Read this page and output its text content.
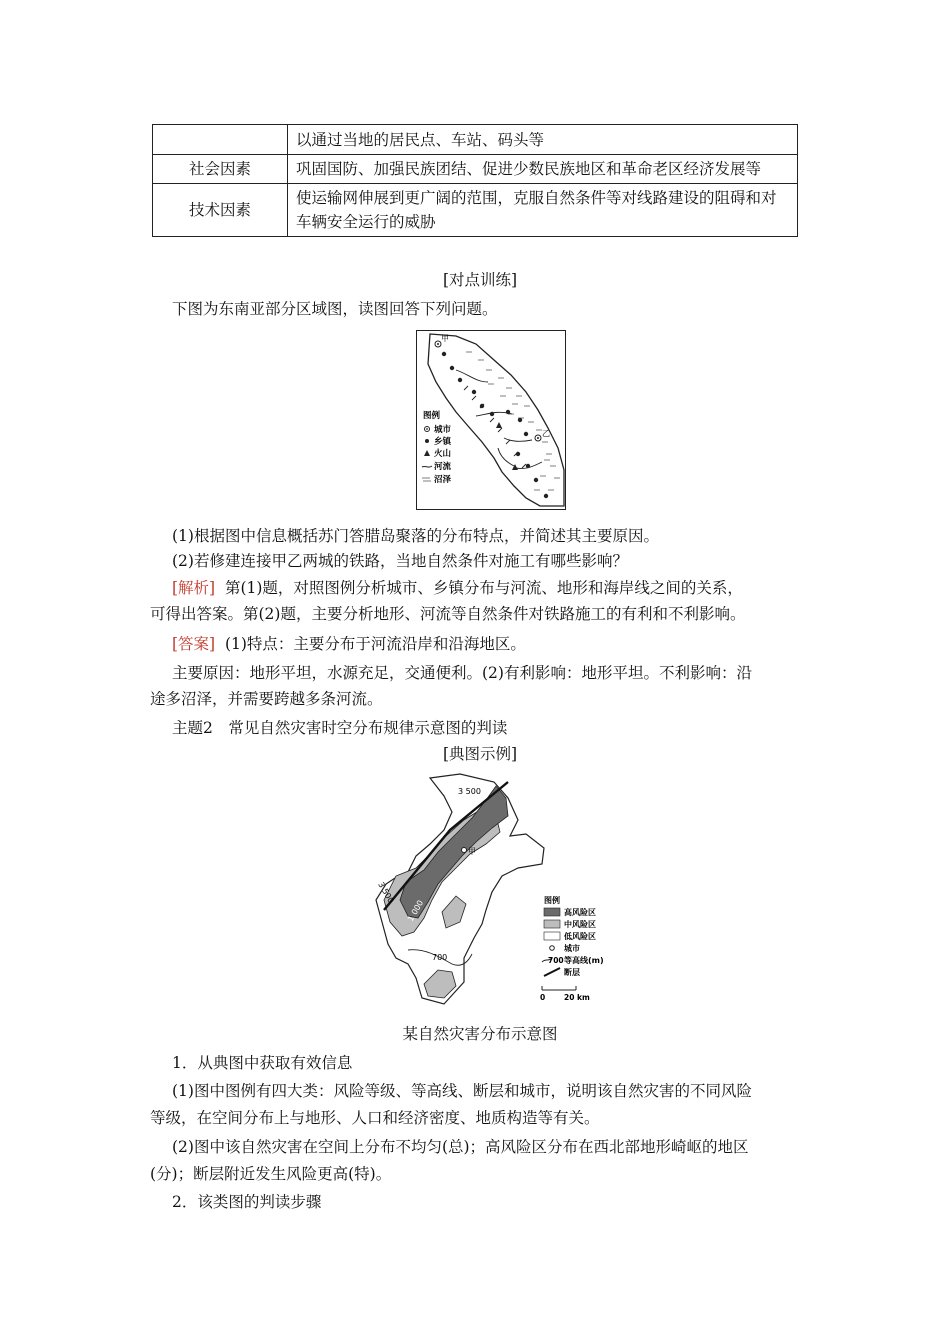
	以通过当地的居民点、车站、码头等
社会因素	巩固国防、加强民族团结、促进少数民族地区和革命老区经济发展等
技术因素	使运输网伸展到更广阔的范围，克服自然条件等对线路建设的阻碍和对车辆安全运行的威胁
[对点训练]
下图为东南亚部分区域图，读图回答下列问题。
甲
乙
图例
城市
乡镇
火山
河流
沼泽
(1)根据图中信息概括苏门答腊岛聚落的分布特点，并简述其主要原因。
(2)若修建连接甲乙两城的铁路，当地自然条件对施工有哪些影响？
[解析] 第(1)题，对照图例分析城市、乡镇分布与河流、地形和海岸线之间的关系，
可得出答案。第(2)题，主要分析地形、河流等自然条件对铁路施工的有利和不利影响。
[答案] (1)特点：主要分布于河流沿岸和沿海地区。
主要原因：地形平坦，水源充足，交通便利。(2)有利影响：地形平坦。不利影响：沿
途多沼泽，并需要跨越多条河流。
主题2　常见自然灾害时空分布规律示意图的判读
[典图示例]
3 500
3 500
1 000
700
甲
图例
高风险区
中风险区
低风险区
城市
700 等高线(m)
断层
0	20 km
某自然灾害分布示意图
1．从典图中获取有效信息
(1)图中图例有四大类：风险等级、等高线、断层和城市，说明该自然灾害的不同风险
等级，在空间分布上与地形、人口和经济密度、地质构造等有关。
(2)图中该自然灾害在空间上分布不均匀(总)；高风险区分布在西北部地形崎岖的地区
(分)；断层附近发生风险更高(特)。
2．该类图的判读步骤
